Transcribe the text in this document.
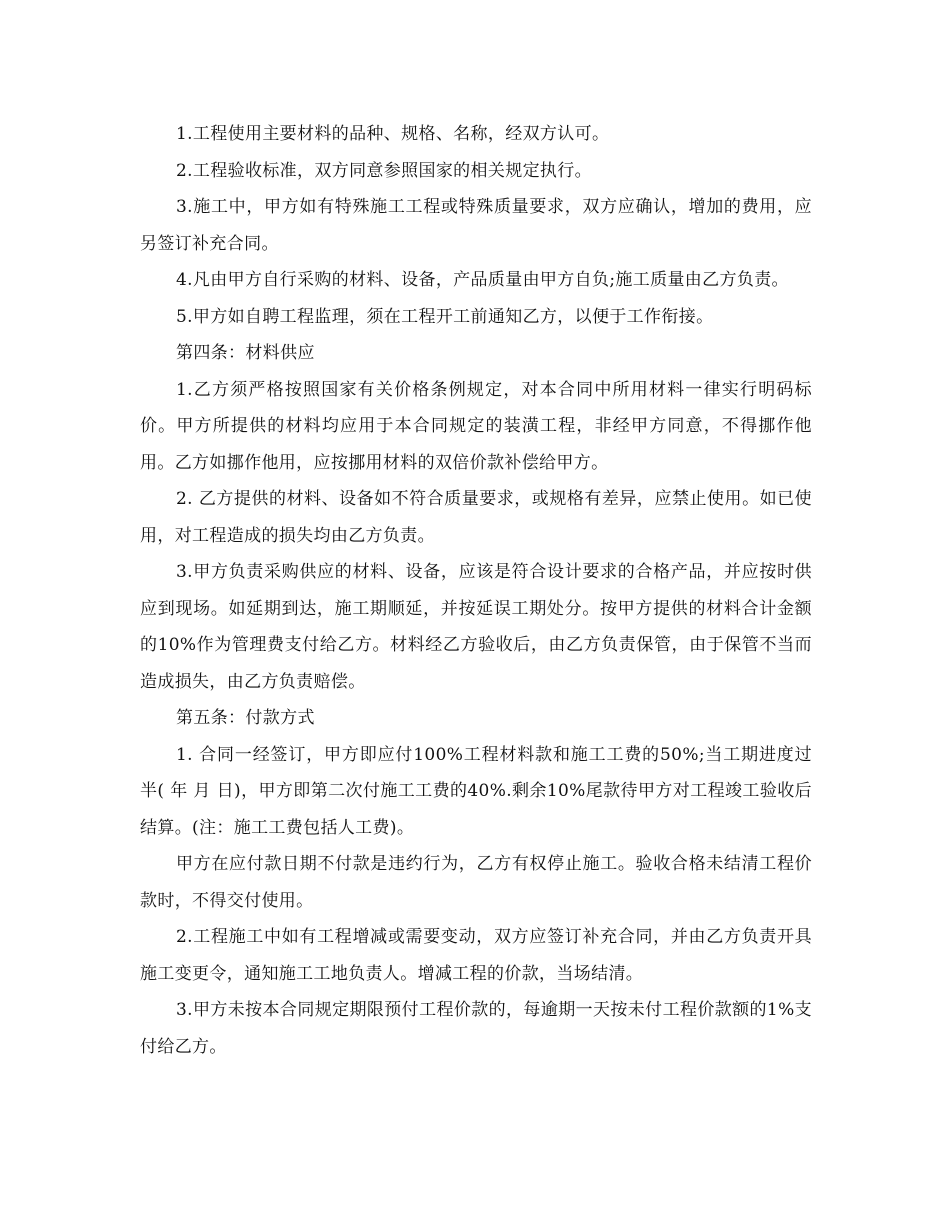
1.工程使用主要材料的品种、规格、名称，经双方认可。

2.工程验收标准，双方同意参照国家的相关规定执行。

3.施工中，甲方如有特殊施工工程或特殊质量要求，双方应确认，增加的费用，应另签订补充合同。

4.凡由甲方自行采购的材料、设备，产品质量由甲方自负;施工质量由乙方负责。

5.甲方如自聘工程监理，须在工程开工前通知乙方，以便于工作衔接。

第四条：材料供应

1.乙方须严格按照国家有关价格条例规定，对本合同中所用材料一律实行明码标价。甲方所提供的材料均应用于本合同规定的装潢工程，非经甲方同意，不得挪作他用。乙方如挪作他用，应按挪用材料的双倍价款补偿给甲方。

2. 乙方提供的材料、设备如不符合质量要求，或规格有差异，应禁止使用。如已使用，对工程造成的损失均由乙方负责。

3.甲方负责采购供应的材料、设备，应该是符合设计要求的合格产品，并应按时供应到现场。如延期到达，施工期顺延，并按延误工期处分。按甲方提供的材料合计金额的10%作为管理费支付给乙方。材料经乙方验收后，由乙方负责保管，由于保管不当而造成损失，由乙方负责赔偿。

第五条：付款方式

1. 合同一经签订，甲方即应付100%工程材料款和施工工费的50%;当工期进度过半( 年 月 日)，甲方即第二次付施工工费的40%.剩余10%尾款待甲方对工程竣工验收后结算。(注：施工工费包括人工费)。

甲方在应付款日期不付款是违约行为，乙方有权停止施工。验收合格未结清工程价款时，不得交付使用。

2.工程施工中如有工程增减或需要变动，双方应签订补充合同，并由乙方负责开具施工变更令，通知施工工地负责人。增减工程的价款，当场结清。

3.甲方未按本合同规定期限预付工程价款的，每逾期一天按未付工程价款额的1%支付给乙方。
